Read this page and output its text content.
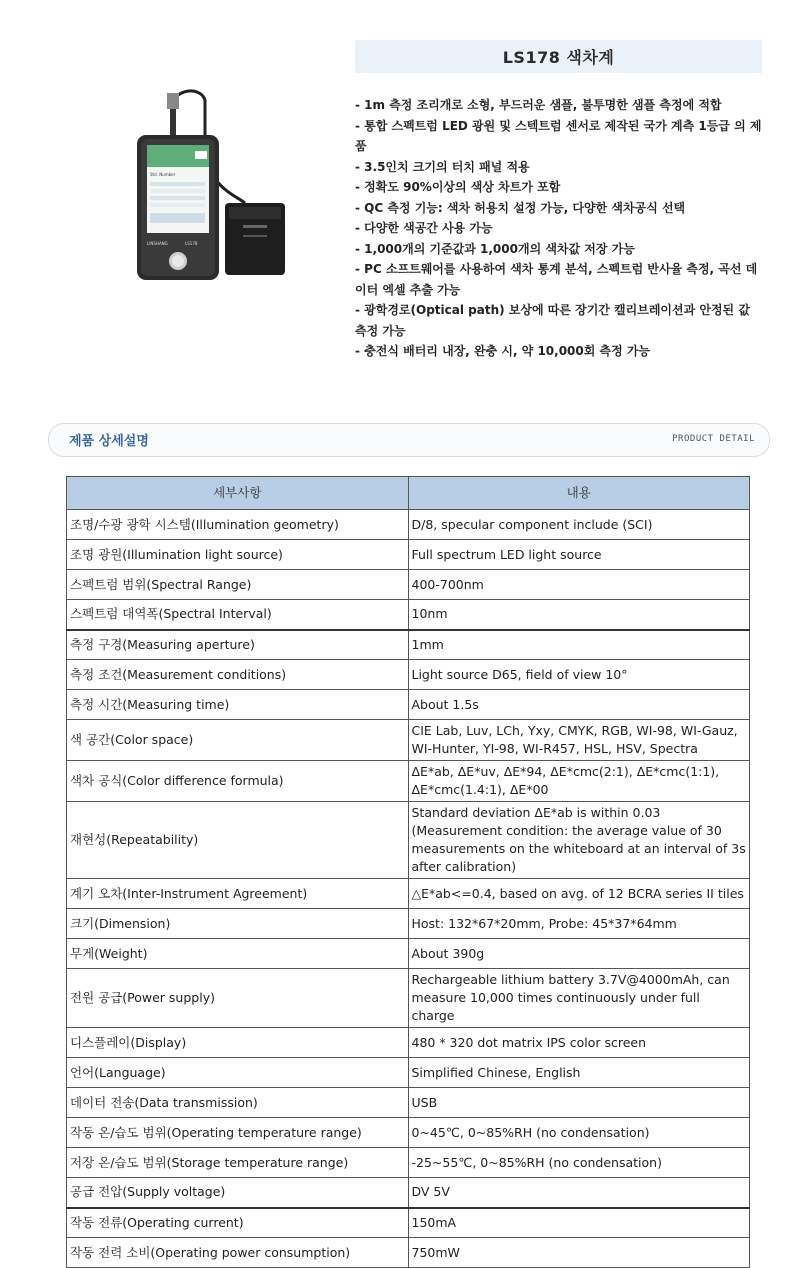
Std. Number
LINSHANG	LS178
LS178 색차계
- 1m 측정 조리개로 소형, 부드러운 샘플, 불투명한 샘플 측정에 적합
- 통합 스펙트럼 LED 광원 및 스텍트럼 센서로 제작된 국가 계측 1등급 의 제품
- 3.5인치 크기의 터치 패널 적용
- 정확도 90%이상의 색상 차트가 포함
- QC 측정 기능: 색차 허용치 설정 가능, 다양한 색차공식 선택
- 다양한 색공간 사용 가능
- 1,000개의 기준값과 1,000개의 색차값 저장 가능
- PC 소프트웨어를 사용하여 색차 통계 분석, 스펙트럼 반사율 측정, 곡선 데이터 엑셀 추출 가능
- 광학경로(Optical path) 보상에 따른 장기간 캘리브레이션과 안정된 값 측정 가능
- 충전식 배터리 내장, 완충 시, 약 10,000회 측정 가능
제품 상세설명	PRODUCT DETAIL
세부사항	내용
조명/수광 광학 시스템(Illumination geometry)	D/8, specular component include (SCI)
조명 광원(Illumination light source)	Full spectrum LED light source
스펙트럼 범위(Spectral Range)	400-700nm
스펙트럼 대역폭(Spectral Interval)	10nm
측정 구경(Measuring aperture)	1mm
측정 조건(Measurement conditions)	Light source D65, field of view 10°
측정 시간(Measuring time)	About 1.5s
색 공간(Color space)	CIE Lab, Luv, LCh, Yxy, CMYK, RGB, WI-98, WI-Gauz, WI-Hunter, YI-98, WI-R457, HSL, HSV, Spectra
색차 공식(Color difference formula)	ΔE*ab, ΔE*uv, ΔE*94, ΔE*cmc(2:1), ΔE*cmc(1:1), ΔE*cmc(1.4:1), ΔE*00
재현성(Repeatability)	Standard deviation ΔE*ab is within 0.03 (Measurement condition: the average value of 30 measurements on the whiteboard at an interval of 3s after calibration)
계기 오차(Inter-Instrument Agreement)	△E*ab<=0.4, based on avg. of 12 BCRA series II tiles
크기(Dimension)	Host: 132*67*20mm, Probe: 45*37*64mm
무게(Weight)	About 390g
전원 공급(Power supply)	Rechargeable lithium battery 3.7V@4000mAh, can measure 10,000 times continuously under full charge
디스플레이(Display)	480 * 320 dot matrix IPS color screen
언어(Language)	Simplified Chinese, English
데이터 전송(Data transmission)	USB
작동 온/습도 범위(Operating temperature range)	0~45℃, 0~85%RH (no condensation)
저장 온/습도 범위(Storage temperature range)	-25~55℃, 0~85%RH (no condensation)
공급 전압(Supply voltage)	DV 5V
작동 전류(Operating current)	150mA
작동 전력 소비(Operating power consumption)	750mW
